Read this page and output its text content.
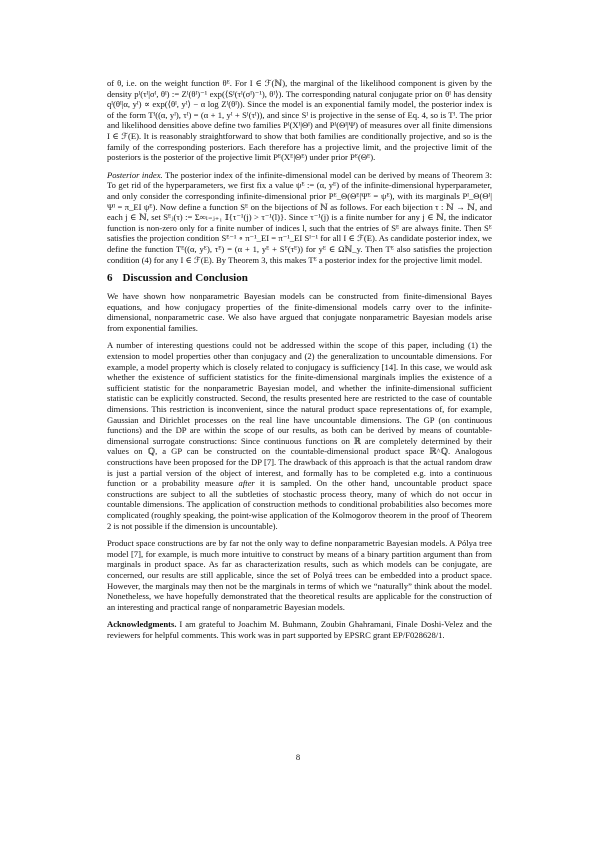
of θ, i.e. on the weight function θᴱ. For I ∈ ℱ(ℕ), the marginal of the likelihood component is given by the density pᴵ(τᴵ|σᴵ, θᴵ) := Zᴵ(θᴵ)⁻¹ exp(⟨Sᴵ(τᴵ(σᴵ)⁻¹), θᴵ⟩). The corresponding natural conjugate prior on θᴵ has density qᴵ(θᴵ|α, yᴵ) ∝ exp(⟨θᴵ, yᴵ⟩ − α log Zᴵ(θᴵ)). Since the model is an exponential family model, the posterior index is of the form Tᴵ((α, yᴵ), τᴵ) = (α + 1, yᴵ + Sᴵ(τᴵ)), and since Sᴵ is projective in the sense of Eq. 4, so is Tᴵ. The prior and likelihood densities above define two families Pᴵ(Xᴵ|Θᴵ) and Pᴵ(Θᴵ|Ψ) of measures over all finite dimensions I ∈ ℱ(E). It is reasonably straightforward to show that both families are conditionally projective, and so is the family of the corresponding posteriors. Each therefore has a projective limit, and the projective limit of the posteriors is the posterior of the projective limit Pᴱ(Xᴱ|Θᴱ) under prior Pᴱ(Θᴱ).

Posterior index. The posterior index of the infinite-dimensional model can be derived by means of Theorem 3: To get rid of the hyperparameters, we first fix a value ψᴱ := (α, yᴱ) of the infinite-dimensional hyperparameter, and only consider the corresponding infinite-dimensional prior Pᴱ_Θ(Θᴱ|Ψᴱ = ψᴱ), with its marginals Pᴵ_Θ(Θᴵ|Ψᴵ = π_EI ψᴱ). Now define a function Sᴱ on the bijections of ℕ as follows. For each bijection τ : ℕ → ℕ, and each j ∈ ℕ, set Sᴱⱼ(τ) := Σ∞ₗ₌ⱼ₊₁ 𝕀{τ⁻¹(j) > τ⁻¹(l)}. Since τ⁻¹(j) is a finite number for any j ∈ ℕ, the indicator function is non-zero only for a finite number of indices l, such that the entries of Sᴱ are always finite. Then Sᴱ satisfies the projection condition Sᴱ⁻¹ ∘ π⁻¹_EI = π⁻¹_EI Sᴵ⁻¹ for all I ∈ ℱ(E). As candidate posterior index, we define the function Tᴱ((α, yᴱ), τᴱ) = (α + 1, yᴱ + Sᴱ(τᴱ)) for yᴱ ∈ Ωℕ_y. Then Tᴱ also satisfies the projection condition (4) for any I ∈ ℱ(E). By Theorem 3, this makes Tᴱ a posterior index for the projective limit model.

6 Discussion and Conclusion

We have shown how nonparametric Bayesian models can be constructed from finite-dimensional Bayes equations, and how conjugacy properties of the finite-dimensional models carry over to the infinite-dimensional, nonparametric case. We also have argued that conjugate nonparametric Bayesian models arise from exponential families.

A number of interesting questions could not be addressed within the scope of this paper, including (1) the extension to model properties other than conjugacy and (2) the generalization to uncountable dimensions. For example, a model property which is closely related to conjugacy is sufficiency [14]. In this case, we would ask whether the existence of sufficient statistics for the finite-dimensional marginals implies the existence of a sufficient statistic for the nonparametric Bayesian model, and whether the infinite-dimensional sufficient statistic can be explicitly constructed. Second, the results presented here are restricted to the case of countable dimensions. This restriction is inconvenient, since the natural product space representations of, for example, Gaussian and Dirichlet processes on the real line have uncountable dimensions. The GP (on continuous functions) and the DP are within the scope of our results, as both can be derived by means of countable-dimensional surrogate constructions: Since continuous functions on ℝ are completely determined by their values on ℚ, a GP can be constructed on the countable-dimensional product space ℝ^ℚ. Analogous constructions have been proposed for the DP [7]. The drawback of this approach is that the actual random draw is just a partial version of the object of interest, and formally has to be completed e.g. into a continuous function or a probability measure after it is sampled. On the other hand, uncountable product space constructions are subject to all the subtleties of stochastic process theory, many of which do not occur in countable dimensions. The application of construction methods to conditional probabilities also becomes more complicated (roughly speaking, the point-wise application of the Kolmogorov theorem in the proof of Theorem 2 is not possible if the dimension is uncountable).

Product space constructions are by far not the only way to define nonparametric Bayesian models. A Pólya tree model [7], for example, is much more intuitive to construct by means of a binary partition argument than from marginals in product space. As far as characterization results, such as which models can be conjugate, are concerned, our results are still applicable, since the set of Polyá trees can be embedded into a product space. However, the marginals may then not be the marginals in terms of which we “naturally” think about the model. Nonetheless, we have hopefully demonstrated that the theoretical results are applicable for the construction of an interesting and practical range of nonparametric Bayesian models.

Acknowledgments. I am grateful to Joachim M. Buhmann, Zoubin Ghahramani, Finale Doshi-Velez and the reviewers for helpful comments. This work was in part supported by EPSRC grant EP/F028628/1.

8
